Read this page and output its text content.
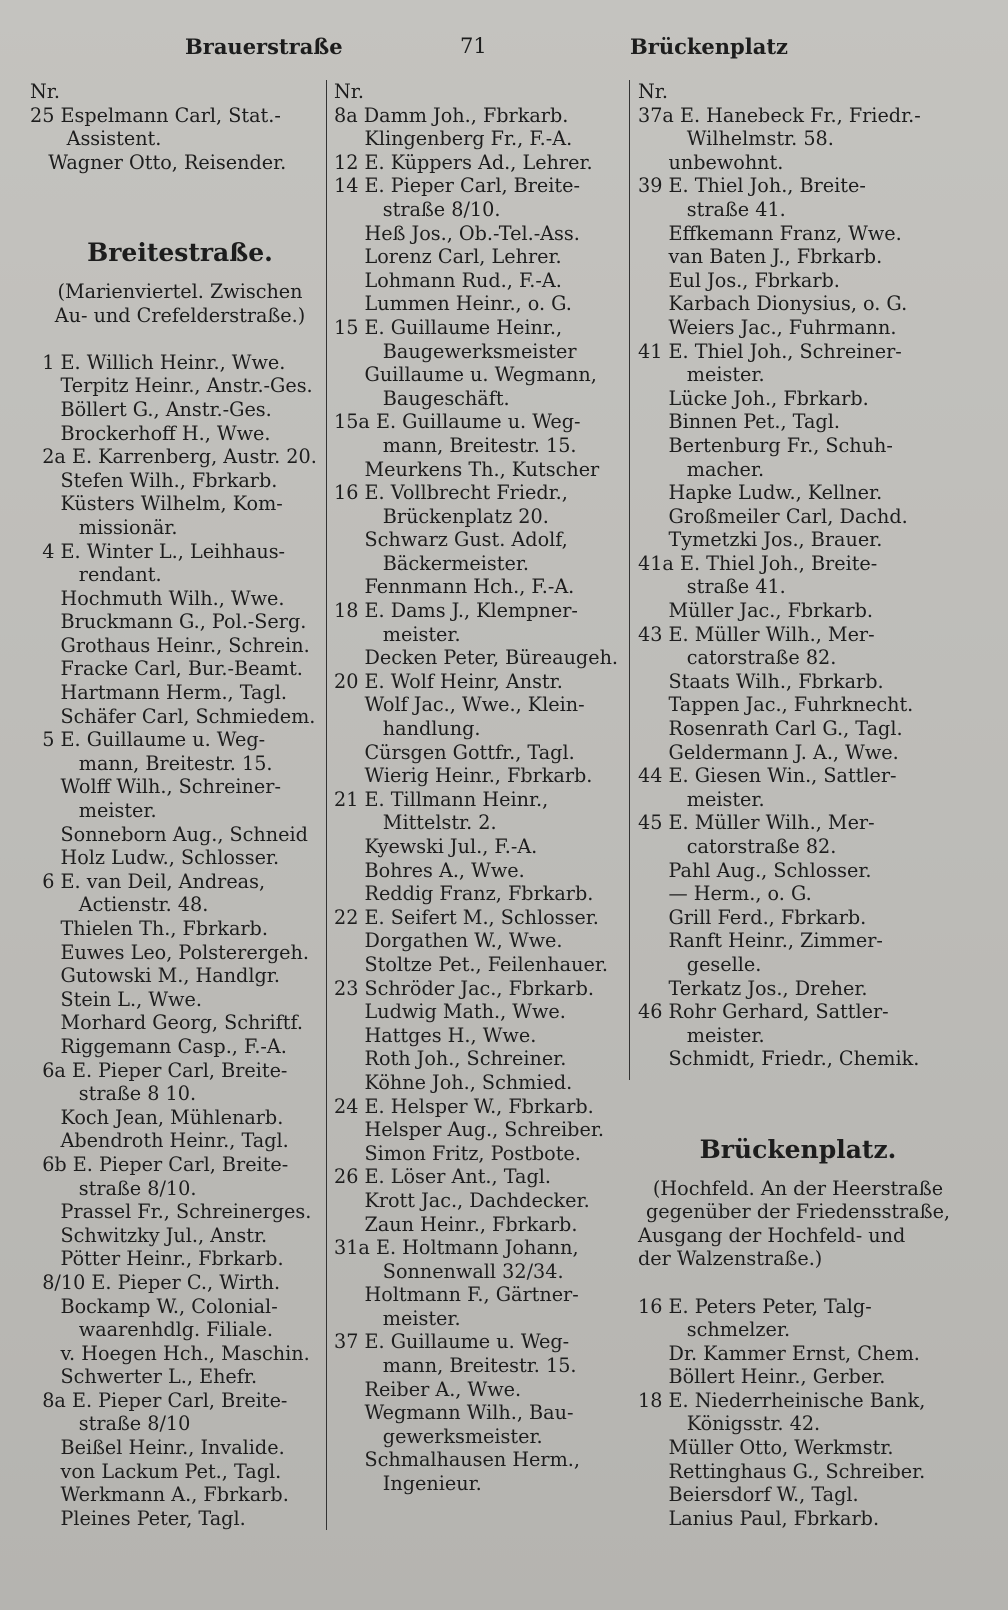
Brauerstraße	71	Brückenplatz
Nr.
25 Espelmann Carl, Stat.-
Assistent.
Wagner Otto, Reisender.
Breitestraße.
(Marienviertel. Zwischen
Au- und Crefelderstraße.)
1 E. Willich Heinr., Wwe.
Terpitz Heinr., Anstr.-Ges.
Böllert G., Anstr.-Ges.
Brockerhoff H., Wwe.
2a E. Karrenberg, Austr. 20.
Stefen Wilh., Fbrkarb.
Küsters Wilhelm, Kom-
missionär.
4 E. Winter L., Leihhaus-
rendant.
Hochmuth Wilh., Wwe.
Bruckmann G., Pol.-Serg.
Grothaus Heinr., Schrein.
Fracke Carl, Bur.-Beamt.
Hartmann Herm., Tagl.
Schäfer Carl, Schmiedem.
5 E. Guillaume u. Weg-
mann, Breitestr. 15.
Wolff Wilh., Schreiner-
meister.
Sonneborn Aug., Schneid
Holz Ludw., Schlosser.
6 E. van Deil, Andreas,
Actienstr. 48.
Thielen Th., Fbrkarb.
Euwes Leo, Polsterergeh.
Gutowski M., Handlgr.
Stein L., Wwe.
Morhard Georg, Schriftf.
Riggemann Casp., F.-A.
6a E. Pieper Carl, Breite-
straße 8 10.
Koch Jean, Mühlenarb.
Abendroth Heinr., Tagl.
6b E. Pieper Carl, Breite-
straße 8/10.
Prassel Fr., Schreinerges.
Schwitzky Jul., Anstr.
Pötter Heinr., Fbrkarb.
8/10 E. Pieper C., Wirth.
Bockamp W., Colonial-
waarenhdlg. Filiale.
v. Hoegen Hch., Maschin.
Schwerter L., Ehefr.
8a E. Pieper Carl, Breite-
straße 8/10
Beißel Heinr., Invalide.
von Lackum Pet., Tagl.
Werkmann A., Fbrkarb.
Pleines Peter, Tagl.
Nr.
8a Damm Joh., Fbrkarb.
Klingenberg Fr., F.-A.
12 E. Küppers Ad., Lehrer.
14 E. Pieper Carl, Breite-
straße 8/10.
Heß Jos., Ob.-Tel.-Ass.
Lorenz Carl, Lehrer.
Lohmann Rud., F.-A.
Lummen Heinr., o. G.
15 E. Guillaume Heinr.,
Baugewerksmeister
Guillaume u. Wegmann,
Baugeschäft.
15a E. Guillaume u. Weg-
mann, Breitestr. 15.
Meurkens Th., Kutscher
16 E. Vollbrecht Friedr.,
Brückenplatz 20.
Schwarz Gust. Adolf,
Bäckermeister.
Fennmann Hch., F.-A.
18 E. Dams J., Klempner-
meister.
Decken Peter, Büreaugeh.
20 E. Wolf Heinr, Anstr.
Wolf Jac., Wwe., Klein-
handlung.
Cürsgen Gottfr., Tagl.
Wierig Heinr., Fbrkarb.
21 E. Tillmann Heinr.,
Mittelstr. 2.
Kyewski Jul., F.-A.
Bohres A., Wwe.
Reddig Franz, Fbrkarb.
22 E. Seifert M., Schlosser.
Dorgathen W., Wwe.
Stoltze Pet., Feilenhauer.
23 Schröder Jac., Fbrkarb.
Ludwig Math., Wwe.
Hattges H., Wwe.
Roth Joh., Schreiner.
Köhne Joh., Schmied.
24 E. Helsper W., Fbrkarb.
Helsper Aug., Schreiber.
Simon Fritz, Postbote.
26 E. Löser Ant., Tagl.
Krott Jac., Dachdecker.
Zaun Heinr., Fbrkarb.
31a E. Holtmann Johann,
Sonnenwall 32/34.
Holtmann F., Gärtner-
meister.
37 E. Guillaume u. Weg-
mann, Breitestr. 15.
Reiber A., Wwe.
Wegmann Wilh., Bau-
gewerksmeister.
Schmalhausen Herm.,
Ingenieur.
Nr.
37a E. Hanebeck Fr., Friedr.-
Wilhelmstr. 58.
unbewohnt.
39 E. Thiel Joh., Breite-
straße 41.
Effkemann Franz, Wwe.
van Baten J., Fbrkarb.
Eul Jos., Fbrkarb.
Karbach Dionysius, o. G.
Weiers Jac., Fuhrmann.
41 E. Thiel Joh., Schreiner-
meister.
Lücke Joh., Fbrkarb.
Binnen Pet., Tagl.
Bertenburg Fr., Schuh-
macher.
Hapke Ludw., Kellner.
Großmeiler Carl, Dachd.
Tymetzki Jos., Brauer.
41a E. Thiel Joh., Breite-
straße 41.
Müller Jac., Fbrkarb.
43 E. Müller Wilh., Mer-
catorstraße 82.
Staats Wilh., Fbrkarb.
Tappen Jac., Fuhrknecht.
Rosenrath Carl G., Tagl.
Geldermann J. A., Wwe.
44 E. Giesen Win., Sattler-
meister.
45 E. Müller Wilh., Mer-
catorstraße 82.
Pahl Aug., Schlosser.
— Herm., o. G.
Grill Ferd., Fbrkarb.
Ranft Heinr., Zimmer-
geselle.
Terkatz Jos., Dreher.
46 Rohr Gerhard, Sattler-
meister.
Schmidt, Friedr., Chemik.
Brückenplatz.
(Hochfeld. An der Heerstraße
gegenüber der Friedensstraße,
Ausgang der Hochfeld- und
der Walzenstraße.)
16 E. Peters Peter, Talg-
schmelzer.
Dr. Kammer Ernst, Chem.
Böllert Heinr., Gerber.
18 E. Niederrheinische Bank,
Königsstr. 42.
Müller Otto, Werkmstr.
Rettinghaus G., Schreiber.
Beiersdorf W., Tagl.
Lanius Paul, Fbrkarb.
